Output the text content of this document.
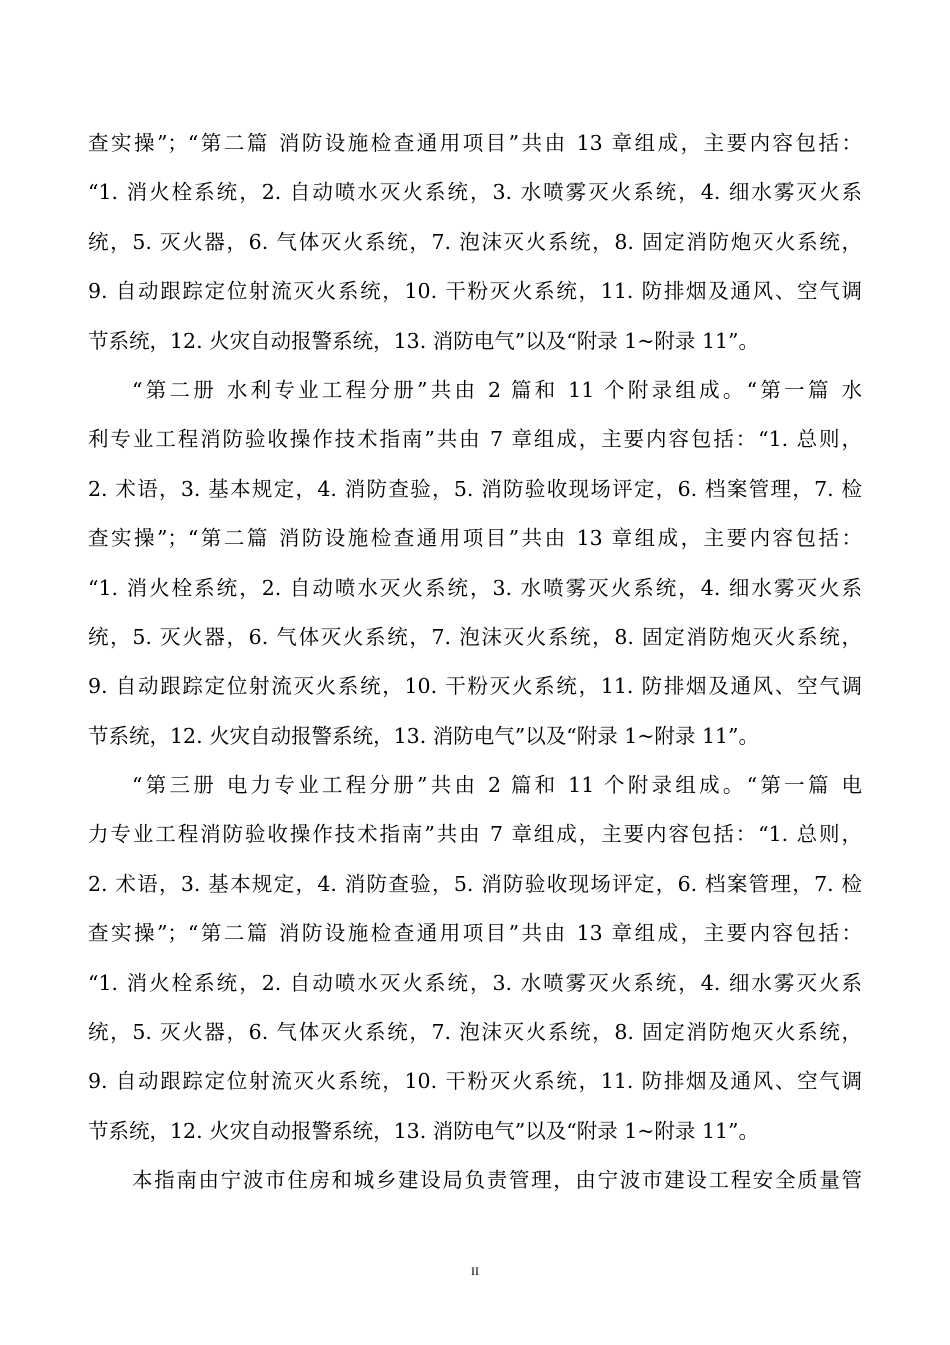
查实操”；“第二篇 消防设施检查通用项目”共由 13 章组成，主要内容包括：
“1. 消火栓系统，2. 自动喷水灭火系统，3. 水喷雾灭火系统，4. 细水雾灭火系
统，5. 灭火器，6. 气体灭火系统，7. 泡沫灭火系统，8. 固定消防炮灭火系统，
9. 自动跟踪定位射流灭火系统，10. 干粉灭火系统，11. 防排烟及通风、空气调
节系统，12. 火灾自动报警系统，13. 消防电气”以及“附录 1~附录 11”。
“第二册 水利专业工程分册”共由 2 篇和 11 个附录组成。“第一篇 水
利专业工程消防验收操作技术指南”共由 7 章组成，主要内容包括：“1. 总则，
2. 术语，3. 基本规定，4. 消防查验，5. 消防验收现场评定，6. 档案管理，7. 检
查实操”；“第二篇 消防设施检查通用项目”共由 13 章组成，主要内容包括：
“1. 消火栓系统，2. 自动喷水灭火系统，3. 水喷雾灭火系统，4. 细水雾灭火系
统，5. 灭火器，6. 气体灭火系统，7. 泡沫灭火系统，8. 固定消防炮灭火系统，
9. 自动跟踪定位射流灭火系统，10. 干粉灭火系统，11. 防排烟及通风、空气调
节系统，12. 火灾自动报警系统，13. 消防电气”以及“附录 1~附录 11”。
“第三册 电力专业工程分册”共由 2 篇和 11 个附录组成。“第一篇 电
力专业工程消防验收操作技术指南”共由 7 章组成，主要内容包括：“1. 总则，
2. 术语，3. 基本规定，4. 消防查验，5. 消防验收现场评定，6. 档案管理，7. 检
查实操”；“第二篇 消防设施检查通用项目”共由 13 章组成，主要内容包括：
“1. 消火栓系统，2. 自动喷水灭火系统，3. 水喷雾灭火系统，4. 细水雾灭火系
统，5. 灭火器，6. 气体灭火系统，7. 泡沫灭火系统，8. 固定消防炮灭火系统，
9. 自动跟踪定位射流灭火系统，10. 干粉灭火系统，11. 防排烟及通风、空气调
节系统，12. 火灾自动报警系统，13. 消防电气”以及“附录 1~附录 11”。
本指南由宁波市住房和城乡建设局负责管理，由宁波市建设工程安全质量管
II
